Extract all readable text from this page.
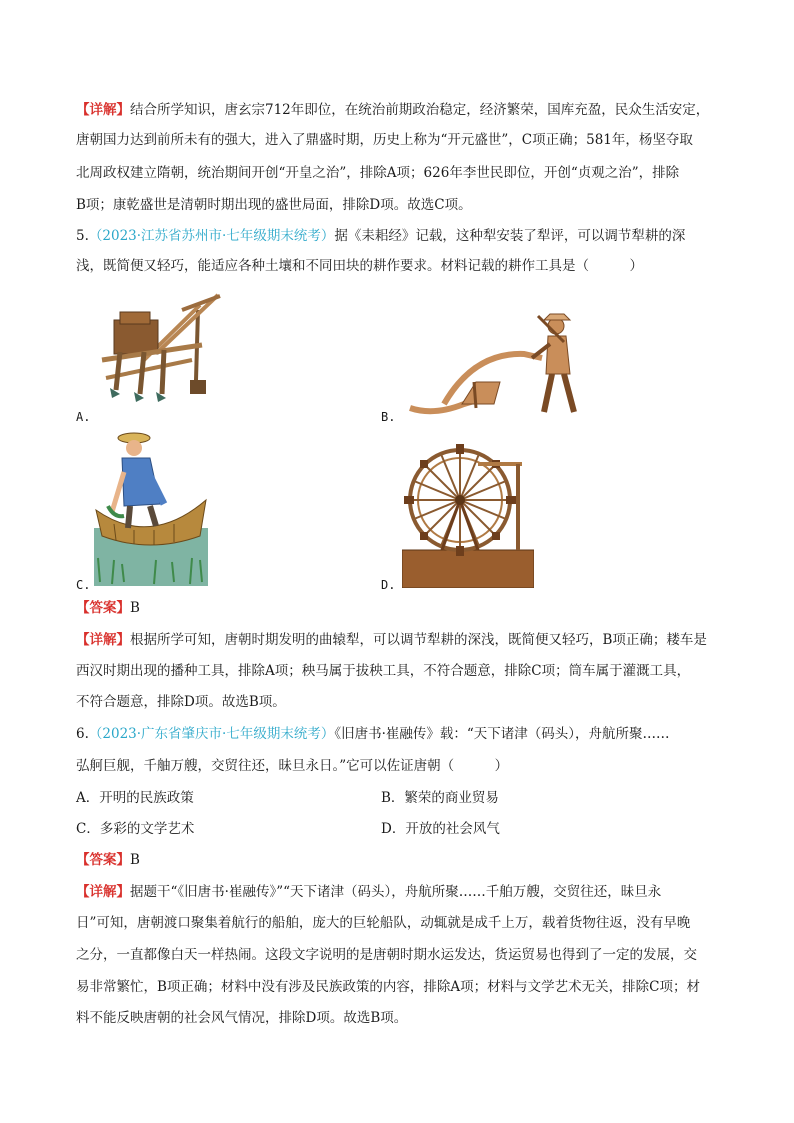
【详解】结合所学知识，唐玄宗712年即位，在统治前期政治稳定，经济繁荣，国库充盈，民众生活安定，
唐朝国力达到前所未有的强大，进入了鼎盛时期，历史上称为“开元盛世”，C项正确；581年，杨坚夺取
北周政权建立隋朝，统治期间开创“开皇之治”，排除A项；626年李世民即位，开创“贞观之治”，排除
B项；康乾盛世是清朝时期出现的盛世局面，排除D项。故选C项。
5.（2023·江苏省苏州市·七年级期末统考）据《耒耜经》记载，这种犁安装了犁评，可以调节犁耕的深
浅，既简便又轻巧，能适应各种土壤和不同田块的耕作要求。材料记载的耕作工具是（　　　）
A.	B.
C.	D.
【答案】B
【详解】根据所学可知，唐朝时期发明的曲辕犁，可以调节犁耕的深浅，既简便又轻巧，B项正确；耧车是
西汉时期出现的播种工具，排除A项；秧马属于拔秧工具，不符合题意，排除C项；筒车属于灌溉工具，
不符合题意，排除D项。故选B项。
6.（2023·广东省肇庆市·七年级期末统考）《旧唐书·崔融传》载：“天下诸津（码头），舟航所聚……
弘舸巨舰，千舳万艘，交贸往还，昧旦永日。”它可以佐证唐朝（　　　）
A．开明的民族政策	B．繁荣的商业贸易
C．多彩的文学艺术	D．开放的社会风气
【答案】B
【详解】据题干“《旧唐书·崔融传》”“天下诸津（码头），舟航所聚……千舶万艘，交贸往还，昧旦永
日”可知，唐朝渡口聚集着航行的船舶，庞大的巨轮船队，动辄就是成千上万，载着货物往返，没有早晚
之分，一直都像白天一样热闹。这段文字说明的是唐朝时期水运发达，货运贸易也得到了一定的发展，交
易非常繁忙，B项正确；材料中没有涉及民族政策的内容，排除A项；材料与文学艺术无关，排除C项；材
料不能反映唐朝的社会风气情况，排除D项。故选B项。
